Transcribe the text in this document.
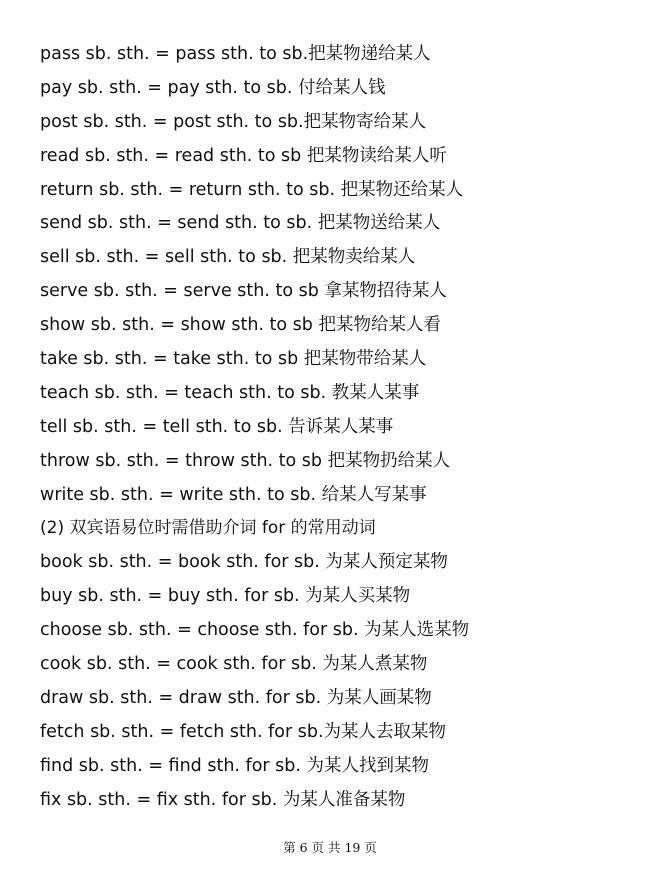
pass sb. sth. = pass sth. to sb.把某物递给某人
pay sb. sth. = pay sth. to sb. 付给某人钱
post sb. sth. = post sth. to sb.把某物寄给某人
read sb. sth. = read sth. to sb 把某物读给某人听
return sb. sth. = return sth. to sb. 把某物还给某人
send sb. sth. = send sth. to sb. 把某物送给某人
sell sb. sth. = sell sth. to sb. 把某物卖给某人
serve sb. sth. = serve sth. to sb 拿某物招待某人
show sb. sth. = show sth. to sb 把某物给某人看
take sb. sth. = take sth. to sb 把某物带给某人
teach sb. sth. = teach sth. to sb. 教某人某事
tell sb. sth. = tell sth. to sb. 告诉某人某事
throw sb. sth. = throw sth. to sb 把某物扔给某人
write sb. sth. = write sth. to sb. 给某人写某事
(2) 双宾语易位时需借助介词 for 的常用动词
book sb. sth. = book sth. for sb. 为某人预定某物
buy sb. sth. = buy sth. for sb. 为某人买某物
choose sb. sth. = choose sth. for sb. 为某人选某物
cook sb. sth. = cook sth. for sb. 为某人煮某物
draw sb. sth. = draw sth. for sb. 为某人画某物
fetch sb. sth. = fetch sth. for sb.为某人去取某物
find sb. sth. = find sth. for sb. 为某人找到某物
fix sb. sth. = fix sth. for sb. 为某人准备某物
第 6 页 共 19 页
